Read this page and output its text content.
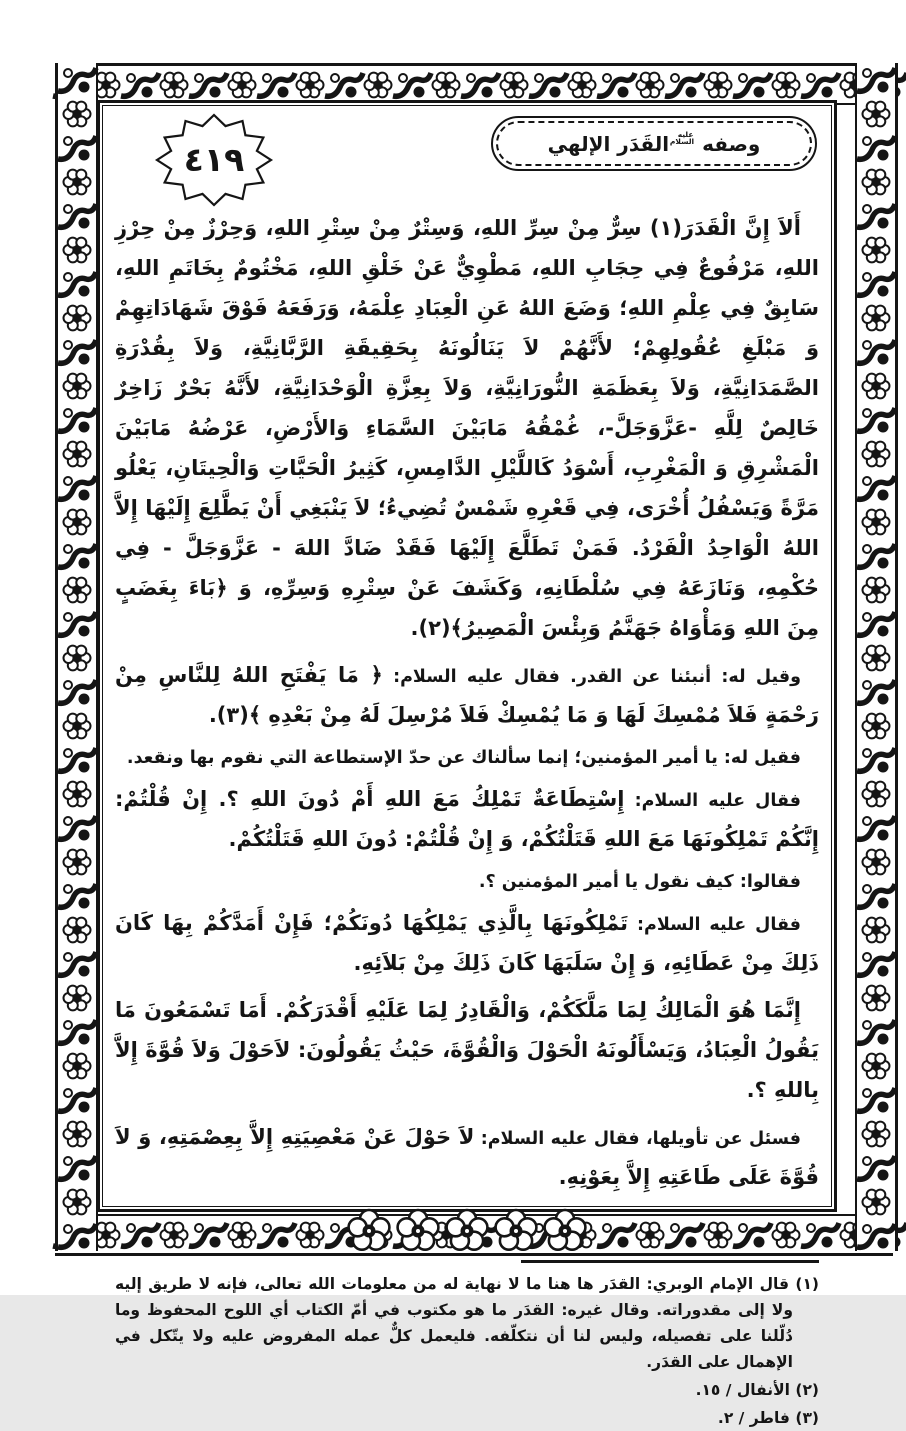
٤١٩	وصفه عليه السلام القَدَر الإلهي
أَلاَ إِنَّ الْقَدَرَ(١) سِرٌّ مِنْ سِرِّ اللهِ، وَسِتْرٌ مِنْ سِتْرِ اللهِ، وَحِرْزٌ مِنْ حِرْزِ اللهِ، مَرْفُوعٌ فِي حِجَابِ اللهِ، مَطْوِيٌّ عَنْ خَلْقِ اللهِ، مَخْتُومٌ بِخَاتَمِ اللهِ، سَابِقٌ فِي عِلْمِ اللهِ؛ وَضَعَ اللهُ عَنِ الْعِبَادِ عِلْمَهُ، وَرَفَعَهُ فَوْقَ شَهَادَاتِهِمْ وَ مَبْلَغِ عُقُولِهِمْ؛ لأَنَّهُمْ لاَ يَنَالُونَهُ بِحَقِيقَةِ الرَّبَّانِيَّةِ، وَلاَ بِقُدْرَةِ الصَّمَدَانِيَّةِ، وَلاَ بِعَظَمَةِ النُّورَانِيَّةِ، وَلاَ بِعِزَّةِ الْوَحْدَانِيَّةِ، لأَنَّهُ بَحْرٌ زَاخِرٌ خَالِصٌ لِلَّهِ -عَزَّوَجَلَّ-، غُمْقُهُ مَابَيْنَ السَّمَاءِ وَالأَرْضِ، عَرْضُهُ مَابَيْنَ الْمَشْرِقِ وَ الْمَغْرِبِ، أَسْوَدُ كَاللَّيْلِ الدَّامِسِ، كَثِيرُ الْحَيَّاتِ وَالْحِيتَانِ، يَعْلُو مَرَّةً وَيَسْفُلُ أُخْرَى، فِي قَعْرِهِ شَمْسٌ تُضِيءُ؛ لاَ يَنْبَغِي أَنْ يَطَّلِعَ إِلَيْهَا إِلاَّ اللهُ الْوَاحِدُ الْفَرْدُ. فَمَنْ تَطَلَّعَ إِلَيْهَا فَقَدْ ضَادَّ اللهَ - عَزَّوَجَلَّ - فِي حُكْمِهِ، وَنَازَعَهُ فِي سُلْطَانِهِ، وَكَشَفَ عَنْ سِتْرِهِ وَسِرِّهِ، وَ ﴿بَاءَ بِغَضَبٍ مِنَ اللهِ وَمَأْوَاهُ جَهَنَّمُ وَبِئْسَ الْمَصِيرُ﴾(٢).
وقيل له: أنبئنا عن القدر. فقال عليه السلام: ﴿ مَا يَفْتَحِ اللهُ لِلنَّاسِ مِنْ رَحْمَةٍ فَلاَ مُمْسِكَ لَهَا وَ مَا يُمْسِكْ فَلاَ مُرْسِلَ لَهُ مِنْ بَعْدِهِ ﴾(٣).
فقيل له: يا أمير المؤمنين؛ إنما سألناك عن حدّ الإستطاعة التي نقوم بها ونقعد.
فقال عليه السلام: إِسْتِطَاعَةٌ تَمْلِكُ مَعَ اللهِ أَمْ دُونَ اللهِ ؟. إِنْ قُلْتُمْ: إِنَّكُمْ تَمْلِكُونَهَا مَعَ اللهِ قَتَلْتُكُمْ، وَ إِنْ قُلْتُمْ: دُونَ اللهِ قَتَلْتُكُمْ.
فقالوا: كيف نقول يا أمير المؤمنين ؟.
فقال عليه السلام: تَمْلِكُونَهَا بِالَّذِي يَمْلِكُهَا دُونَكُمْ؛ فَإِنْ أَمَدَّكُمْ بِهَا كَانَ ذَلِكَ مِنْ عَطَائِهِ، وَ إِنْ سَلَبَهَا كَانَ ذَلِكَ مِنْ بَلاَئِهِ.
إِنَّمَا هُوَ الْمَالِكُ لِمَا مَلَّكَكُمْ، وَالْقَادِرُ لِمَا عَلَيْهِ أَقْدَرَكُمْ. أَمَا تَسْمَعُونَ مَا يَقُولُ الْعِبَادُ، وَيَسْأَلُونَهُ الْحَوْلَ وَالْقُوَّةَ، حَيْثُ يَقُولُونَ: لاَحَوْلَ وَلاَ قُوَّةَ إِلاَّ بِاللهِ ؟.
فسئل عن تأويلها، فقال عليه السلام: لاَ حَوْلَ عَنْ مَعْصِيَتِهِ إِلاَّ بِعِصْمَتِهِ، وَ لاَ قُوَّةَ عَلَى طَاعَتِهِ إِلاَّ بِعَوْنِهِ.
(١) قال الإمام الوبري: القدَر ها هنا ما لا نهاية له من معلومات الله تعالى، فإنه لا طريق إليه ولا إلى مقدوراته. وقال غيره: القدَر ما هو مكتوب في أمّ الكتاب أي اللوح المحفوظ وما دُلّلنا على تفصيله، وليس لنا أن نتكلّفه. فليعمل كلٌّ عمله المفروض عليه ولا يتّكل في الإهمال على القدَر.
(٢) الأنفال / ١٥.
(٣) فاطر / ٢.
